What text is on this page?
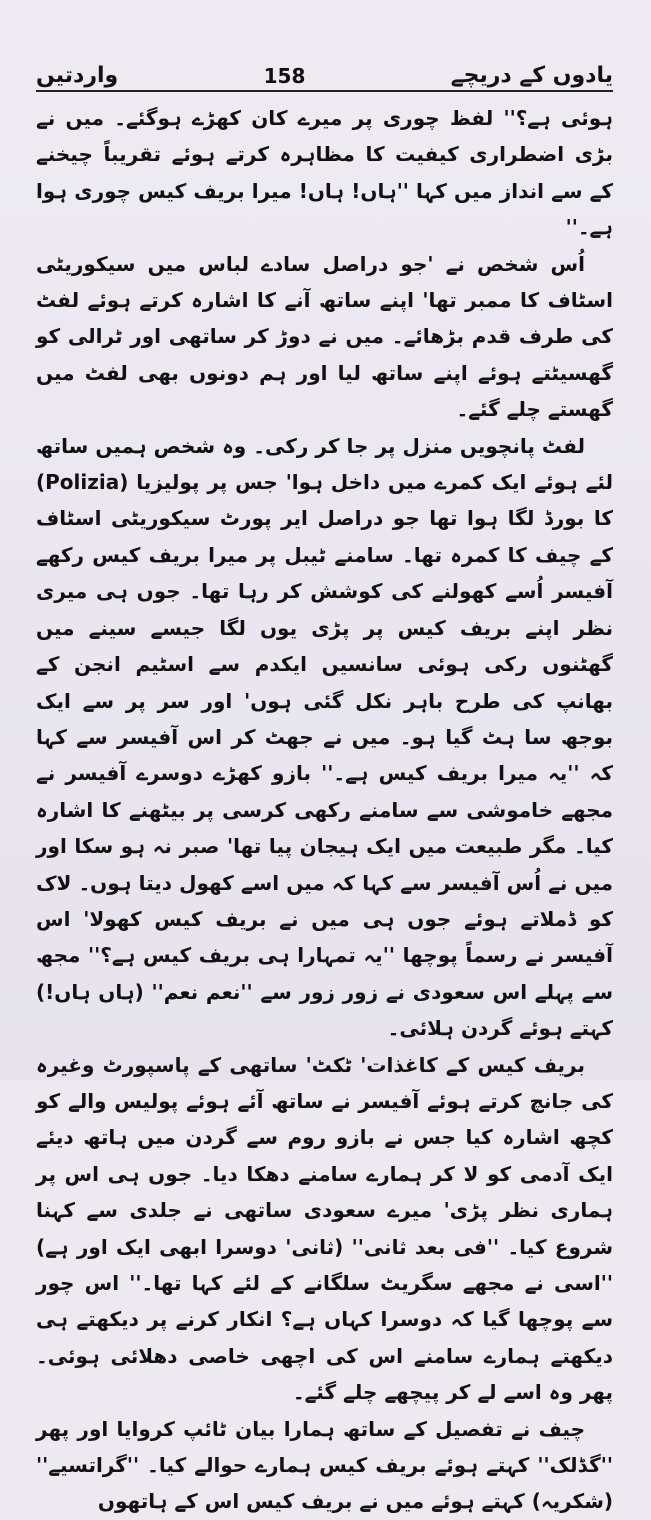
واردتیں	158	یادوں کے دریچے

ہوئی ہے؟'' لفظ چوری پر میرے کان کھڑے ہوگئے۔ میں نے بڑی اضطراری کیفیت کا مظاہرہ کرتے ہوئے تقریباً چیخنے کے سے انداز میں کہا ''ہاں! ہاں! میرا بریف کیس چوری ہوا ہے۔''

اُس شخص نے 'جو دراصل سادے لباس میں سیکوریٹی اسٹاف کا ممبر تھا' اپنے ساتھ آنے کا اشارہ کرتے ہوئے لفٹ کی طرف قدم بڑھائے۔ میں نے دوڑ کر ساتھی اور ٹرالی کو گھسیٹتے ہوئے اپنے ساتھ لیا اور ہم دونوں بھی لفٹ میں گھستے چلے گئے۔

لفٹ پانچویں منزل پر جا کر رکی۔ وہ شخص ہمیں ساتھ لئے ہوئے ایک کمرے میں داخل ہوا' جس پر پولیزیا (Polizia) کا بورڈ لگا ہوا تھا جو دراصل ایر پورٹ سیکوریٹی اسٹاف کے چیف کا کمرہ تھا۔ سامنے ٹیبل پر میرا بریف کیس رکھے آفیسر اُسے کھولنے کی کوشش کر رہا تھا۔ جوں ہی میری نظر اپنے بریف کیس پر پڑی یوں لگا جیسے سینے میں گھٹنوں رکی ہوئی سانسیں ایکدم سے اسٹیم انجن کے بھانپ کی طرح باہر نکل گئی ہوں' اور سر پر سے ایک بوجھ سا ہٹ گیا ہو۔ میں نے جھٹ کر اس آفیسر سے کہا کہ ''یہ میرا بریف کیس ہے۔'' بازو کھڑے دوسرے آفیسر نے مجھے خاموشی سے سامنے رکھی کرسی پر بیٹھنے کا اشارہ کیا۔ مگر طبیعت میں ایک ہیجان پیا تھا' صبر نہ ہو سکا اور میں نے اُس آفیسر سے کہا کہ میں اسے کھول دیتا ہوں۔ لاک کو ڈملاتے ہوئے جوں ہی میں نے بریف کیس کھولا' اس آفیسر نے رسماً پوچھا ''یہ تمہارا ہی بریف کیس ہے؟'' مجھ سے پہلے اس سعودی نے زور زور سے ''نعم نعم'' (ہاں ہاں!) کہتے ہوئے گردن ہلائی۔

بریف کیس کے کاغذات' ٹکٹ' ساتھی کے پاسپورٹ وغیرہ کی جانچ کرتے ہوئے آفیسر نے ساتھ آئے ہوئے پولیس والے کو کچھ اشارہ کیا جس نے بازو روم سے گردن میں ہاتھ دیئے ایک آدمی کو لا کر ہمارے سامنے دھکا دیا۔ جوں ہی اس پر ہماری نظر پڑی' میرے سعودی ساتھی نے جلدی سے کہنا شروع کیا۔ ''فی بعد ثانی'' (ثانی' دوسرا ابھی ایک اور ہے) ''اسی نے مجھے سگریٹ سلگانے کے لئے کہا تھا۔'' اس چور سے پوچھا گیا کہ دوسرا کہاں ہے؟ انکار کرنے پر دیکھتے ہی دیکھتے ہمارے سامنے اس کی اچھی خاصی دھلائی ہوئی۔ پھر وہ اسے لے کر پیچھے چلے گئے۔

چیف نے تفصیل کے ساتھ ہمارا بیان ٹائپ کروایا اور پھر ''گڈلک'' کہتے ہوئے بریف کیس ہمارے حوالے کیا۔ ''گراتسیے'' (شکریہ) کہتے ہوئے میں نے بریف کیس اس کے ہاتھوں
